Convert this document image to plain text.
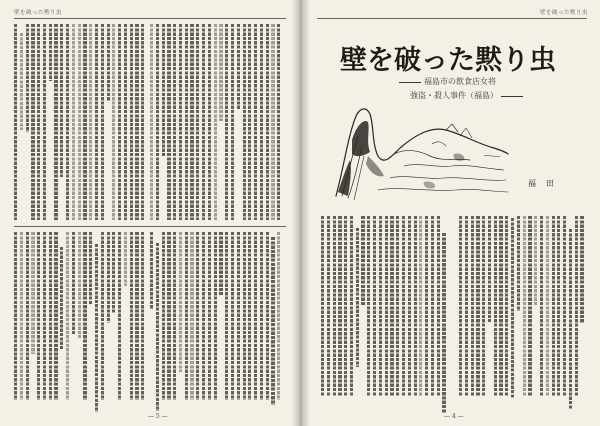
壁を破った黙り虫
— 5 —
壁を破った黙り虫
— 4 —
壁を破った黙り虫
福島市の飲食店女将
強盗・殺人事件（福島）
福田
